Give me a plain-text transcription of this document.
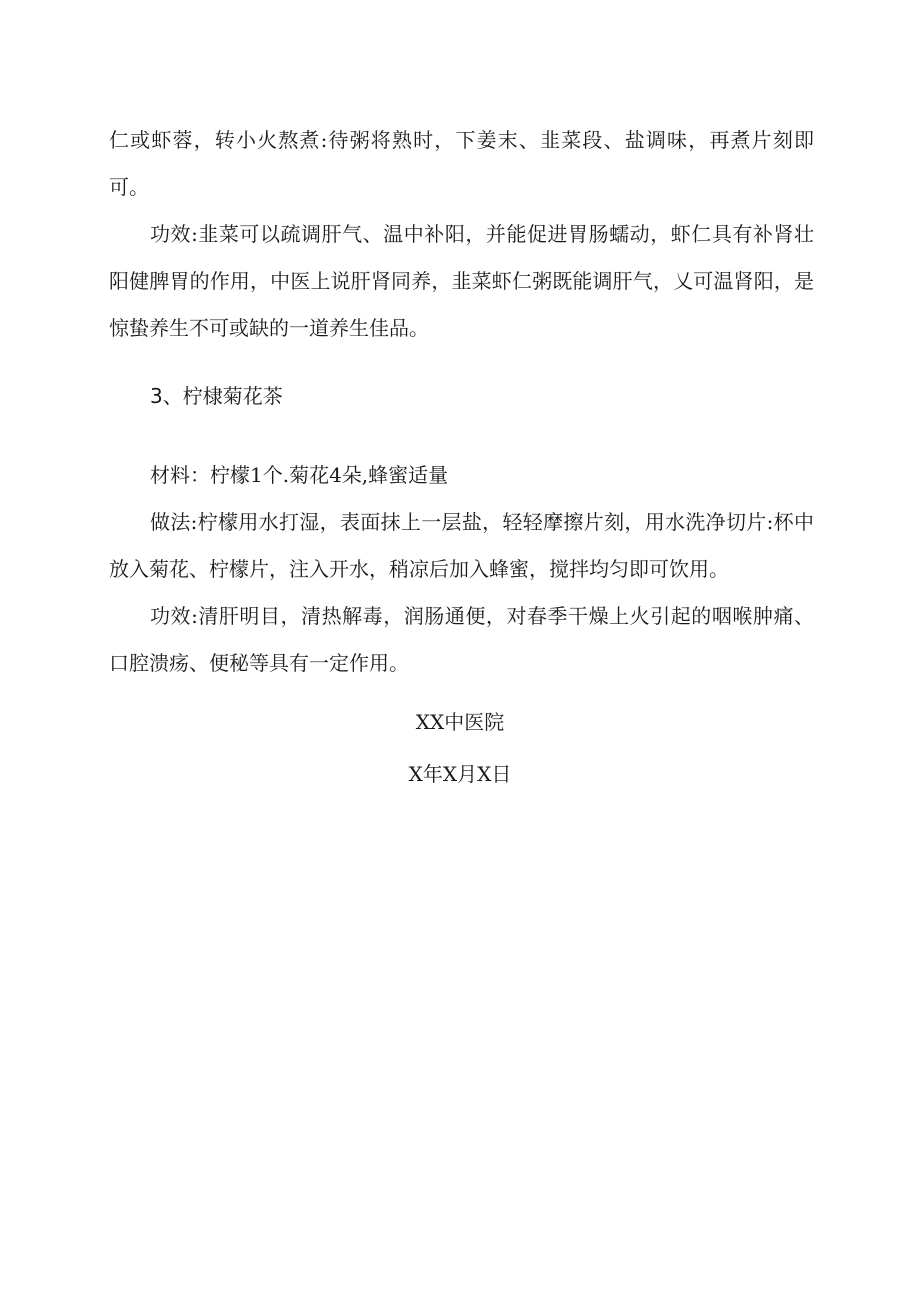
仁或虾蓉，转小火熬煮:待粥将熟时，下姜末、韭菜段、盐调味，再煮片刻即可。

功效:韭菜可以疏调肝气、温中补阳，并能促进胃肠蠕动，虾仁具有补肾壮阳健脾胃的作用，中医上说肝肾同养，韭菜虾仁粥既能调肝气，乂可温肾阳，是惊蛰养生不可或缺的一道养生佳品。

3、柠棣菊花茶

材料：柠檬1个.菊花4朵,蜂蜜适量

做法:柠檬用水打湿，表面抹上一层盐，轻轻摩擦片刻，用水洗净切片:杯中放入菊花、柠檬片，注入开水，稍凉后加入蜂蜜，搅拌均匀即可饮用。

功效:清肝明目，清热解毒，润肠通便，对春季干燥上火引起的咽喉肿痛、口腔溃疡、便秘等具有一定作用。

XX中医院

X年X月X日
